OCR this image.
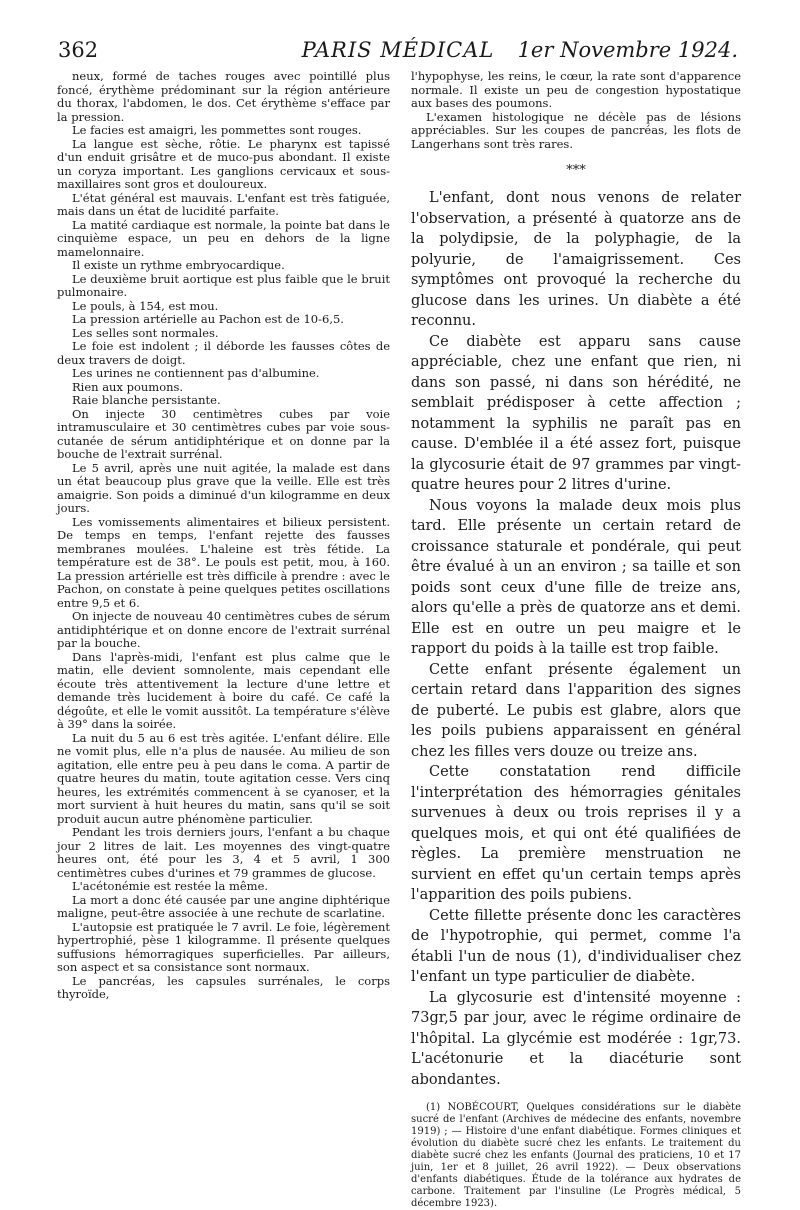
362	PARIS MÉDICAL	1er Novembre 1924.

neux, formé de taches rouges avec pointillé plus foncé, érythème prédominant sur la région antérieure du thorax, l'abdomen, le dos. Cet érythème s'efface par la pression.

Le facies est amaigri, les pommettes sont rouges.

La langue est sèche, rôtie. Le pharynx est tapissé d'un enduit grisâtre et de muco-pus abondant. Il existe un coryza important. Les ganglions cervicaux et sous-maxillaires sont gros et douloureux.

L'état général est mauvais. L'enfant est très fatiguée, mais dans un état de lucidité parfaite.

La matité cardiaque est normale, la pointe bat dans le cinquième espace, un peu en dehors de la ligne mamelonnaire.

Il existe un rythme embryocardique.

Le deuxième bruit aortique est plus faible que le bruit pulmonaire.

Le pouls, à 154, est mou.

La pression artérielle au Pachon est de 10-6,5.

Les selles sont normales.

Le foie est indolent ; il déborde les fausses côtes de deux travers de doigt.

Les urines ne contiennent pas d'albumine.

Rien aux poumons.

Raie blanche persistante.

On injecte 30 centimètres cubes par voie intramusculaire et 30 centimètres cubes par voie sous-cutanée de sérum antidiphtérique et on donne par la bouche de l'extrait surrénal.

Le 5 avril, après une nuit agitée, la malade est dans un état beaucoup plus grave que la veille. Elle est très amaigrie. Son poids a diminué d'un kilogramme en deux jours.

Les vomissements alimentaires et bilieux persistent. De temps en temps, l'enfant rejette des fausses membranes moulées. L'haleine est très fétide. La température est de 38°. Le pouls est petit, mou, à 160. La pression artérielle est très difficile à prendre : avec le Pachon, on constate à peine quelques petites oscillations entre 9,5 et 6.

On injecte de nouveau 40 centimètres cubes de sérum antidiphtérique et on donne encore de l'extrait surrénal par la bouche.

Dans l'après-midi, l'enfant est plus calme que le matin, elle devient somnolente, mais cependant elle écoute très attentivement la lecture d'une lettre et demande très lucidement à boire du café. Ce café la dégoûte, et elle le vomit aussitôt. La température s'élève à 39° dans la soirée.

La nuit du 5 au 6 est très agitée. L'enfant délire. Elle ne vomit plus, elle n'a plus de nausée. Au milieu de son agitation, elle entre peu à peu dans le coma. A partir de quatre heures du matin, toute agitation cesse. Vers cinq heures, les extrémités commencent à se cyanoser, et la mort survient à huit heures du matin, sans qu'il se soit produit aucun autre phénomène particulier.

Pendant les trois derniers jours, l'enfant a bu chaque jour 2 litres de lait. Les moyennes des vingt-quatre heures ont, été pour les 3, 4 et 5 avril, 1 300 centimètres cubes d'urines et 79 grammes de glucose.

L'acétonémie est restée la même.

La mort a donc été causée par une angine diphtérique maligne, peut-être associée à une rechute de scarlatine.

L'autopsie est pratiquée le 7 avril. Le foie, légèrement hypertrophié, pèse 1 kilogramme. Il présente quelques suffusions hémorragiques superficielles. Par ailleurs, son aspect et sa consistance sont normaux.

Le pancréas, les capsules surrénales, le corps thyroïde,

l'hypophyse, les reins, le cœur, la rate sont d'apparence normale. Il existe un peu de congestion hypostatique aux bases des poumons.

L'examen histologique ne décèle pas de lésions appréciables. Sur les coupes de pancréas, les flots de Langerhans sont très rares.

***

L'enfant, dont nous venons de relater l'observation, a présenté à quatorze ans de la polydipsie, de la polyphagie, de la polyurie, de l'amaigrissement. Ces symptômes ont provoqué la recherche du glucose dans les urines. Un diabète a été reconnu.

Ce diabète est apparu sans cause appréciable, chez une enfant que rien, ni dans son passé, ni dans son hérédité, ne semblait prédisposer à cette affection ; notamment la syphilis ne paraît pas en cause. D'emblée il a été assez fort, puisque la glycosurie était de 97 grammes par vingt-quatre heures pour 2 litres d'urine.

Nous voyons la malade deux mois plus tard. Elle présente un certain retard de croissance staturale et pondérale, qui peut être évalué à un an environ ; sa taille et son poids sont ceux d'une fille de treize ans, alors qu'elle a près de quatorze ans et demi. Elle est en outre un peu maigre et le rapport du poids à la taille est trop faible.

Cette enfant présente également un certain retard dans l'apparition des signes de puberté. Le pubis est glabre, alors que les poils pubiens apparaissent en général chez les filles vers douze ou treize ans.

Cette constatation rend difficile l'interprétation des hémorragies génitales survenues à deux ou trois reprises il y a quelques mois, et qui ont été qualifiées de règles. La première menstruation ne survient en effet qu'un certain temps après l'apparition des poils pubiens.

Cette fillette présente donc les caractères de l'hypotrophie, qui permet, comme l'a établi l'un de nous (1), d'individualiser chez l'enfant un type particulier de diabète.

La glycosurie est d'intensité moyenne : 73gr,5 par jour, avec le régime ordinaire de l'hôpital. La glycémie est modérée : 1gr,73. L'acétonurie et la diacéturie sont abondantes.

(1) NOBÉCOURT, Quelques considérations sur le diabète sucré de l'enfant (Archives de médecine des enfants, novembre 1919) ; — Histoire d'une enfant diabétique. Formes cliniques et évolution du diabète sucré chez les enfants. Le traitement du diabète sucré chez les enfants (Journal des praticiens, 10 et 17 juin, 1er et 8 juillet, 26 avril 1922). — Deux observations d'enfants diabétiques. Étude de la tolérance aux hydrates de carbone. Traitement par l'insuline (Le Progrès médical, 5 décembre 1923).
